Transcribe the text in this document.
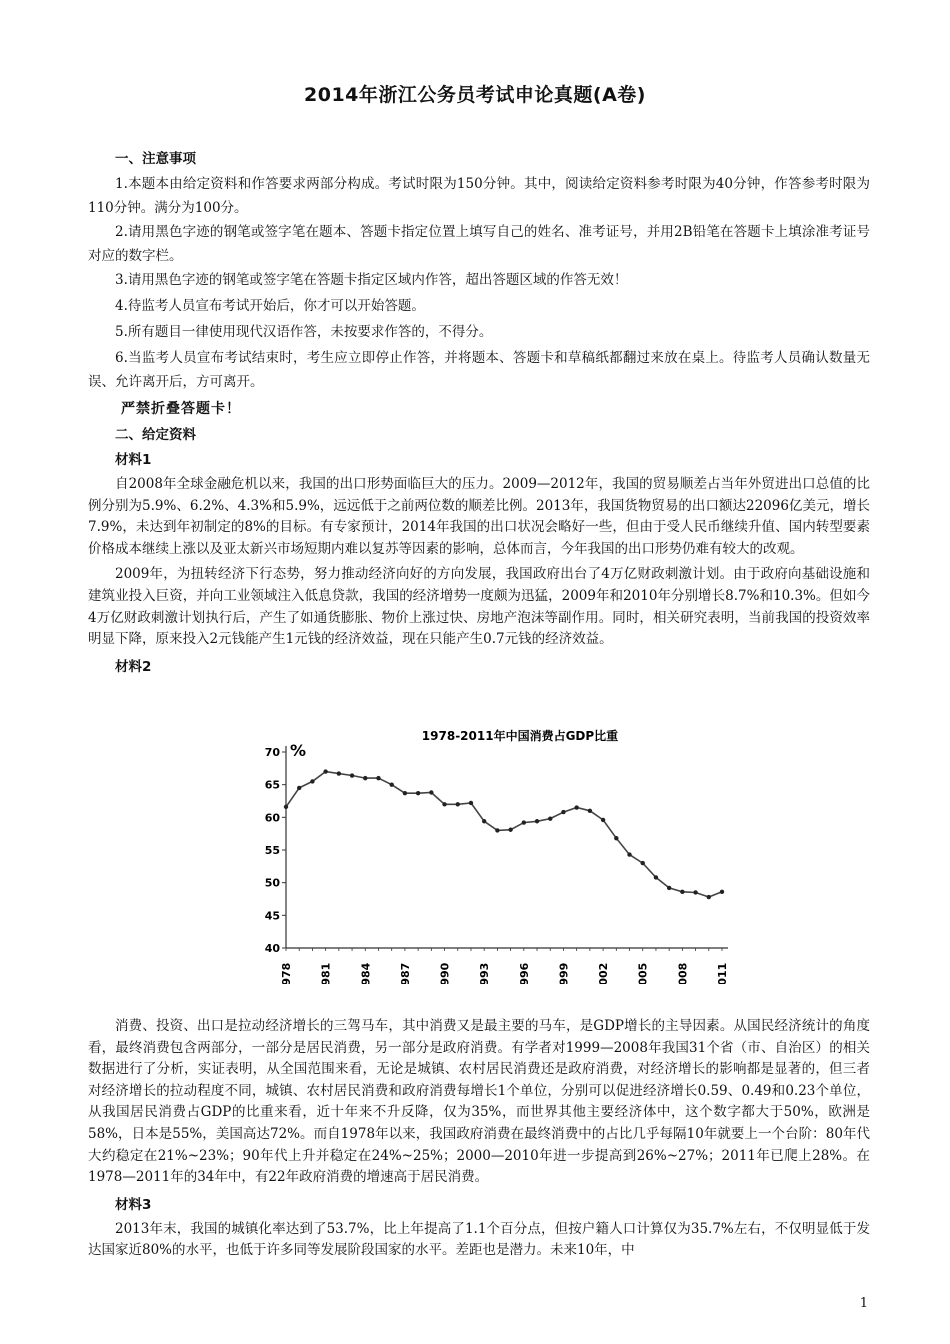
2014年浙江公务员考试申论真题(A卷)

一、注意事项

1.本题本由给定资料和作答要求两部分构成。考试时限为150分钟。其中，阅读给定资料参考时限为40分钟，作答参考时限为110分钟。满分为100分。

2.请用黑色字迹的钢笔或签字笔在题本、答题卡指定位置上填写自己的姓名、准考证号，并用2B铅笔在答题卡上填涂准考证号对应的数字栏。

3.请用黑色字迹的钢笔或签字笔在答题卡指定区域内作答，超出答题区域的作答无效！

4.待监考人员宣布考试开始后，你才可以开始答题。

5.所有题目一律使用现代汉语作答，未按要求作答的，不得分。

6.当监考人员宣布考试结束时，考生应立即停止作答，并将题本、答题卡和草稿纸都翻过来放在桌上。待监考人员确认数量无误、允许离开后，方可离开。

严禁折叠答题卡！

二、给定资料

材料1

自2008年全球金融危机以来，我国的出口形势面临巨大的压力。2009—2012年，我国的贸易顺差占当年外贸进出口总值的比例分别为5.9%、6.2%、4.3%和5.9%，远远低于之前两位数的顺差比例。2013年，我国货物贸易的出口额达22096亿美元，增长7.9%，未达到年初制定的8%的目标。有专家预计，2014年我国的出口状况会略好一些，但由于受人民币继续升值、国内转型要素价格成本继续上涨以及亚太新兴市场短期内难以复苏等因素的影响，总体而言，今年我国的出口形势仍难有较大的改观。

2009年，为扭转经济下行态势，努力推动经济向好的方向发展，我国政府出台了4万亿财政刺激计划。由于政府向基础设施和建筑业投入巨资，并向工业领域注入低息贷款，我国的经济增势一度颇为迅猛，2009年和2010年分别增长8.7%和10.3%。但如今4万亿财政刺激计划执行后，产生了如通货膨胀、物价上涨过快、房地产泡沫等副作用。同时，相关研究表明，当前我国的投资效率明显下降，原来投入2元钱能产生1元钱的经济效益，现在只能产生0.7元钱的经济效益。

材料2

1978-2011年中国消费占GDP比重
%
40
45
50
55
60
65
70
1978 1981 1984 1987 1990 1993 1996 1999 2002 2005 2008 2011

消费、投资、出口是拉动经济增长的三驾马车，其中消费又是最主要的马车，是GDP增长的主导因素。从国民经济统计的角度看，最终消费包含两部分，一部分是居民消费，另一部分是政府消费。有学者对1999—2008年我国31个省（市、自治区）的相关数据进行了分析，实证表明，从全国范围来看，无论是城镇、农村居民消费还是政府消费，对经济增长的影响都是显著的，但三者对经济增长的拉动程度不同，城镇、农村居民消费和政府消费每增长1个单位，分别可以促进经济增长0.59、0.49和0.23个单位，从我国居民消费占GDP的比重来看，近十年来不升反降，仅为35%，而世界其他主要经济体中，这个数字都大于50%，欧洲是58%，日本是55%，美国高达72%。而自1978年以来，我国政府消费在最终消费中的占比几乎每隔10年就要上一个台阶：80年代大约稳定在21%~23%；90年代上升并稳定在24%~25%；2000—2010年进一步提高到26%~27%；2011年已爬上28%。在1978—2011年的34年中，有22年政府消费的增速高于居民消费。

材料3

2013年末，我国的城镇化率达到了53.7%，比上年提高了1.1个百分点，但按户籍人口计算仅为35.7%左右，不仅明显低于发达国家近80%的水平，也低于许多同等发展阶段国家的水平。差距也是潜力。未来10年，中

1
